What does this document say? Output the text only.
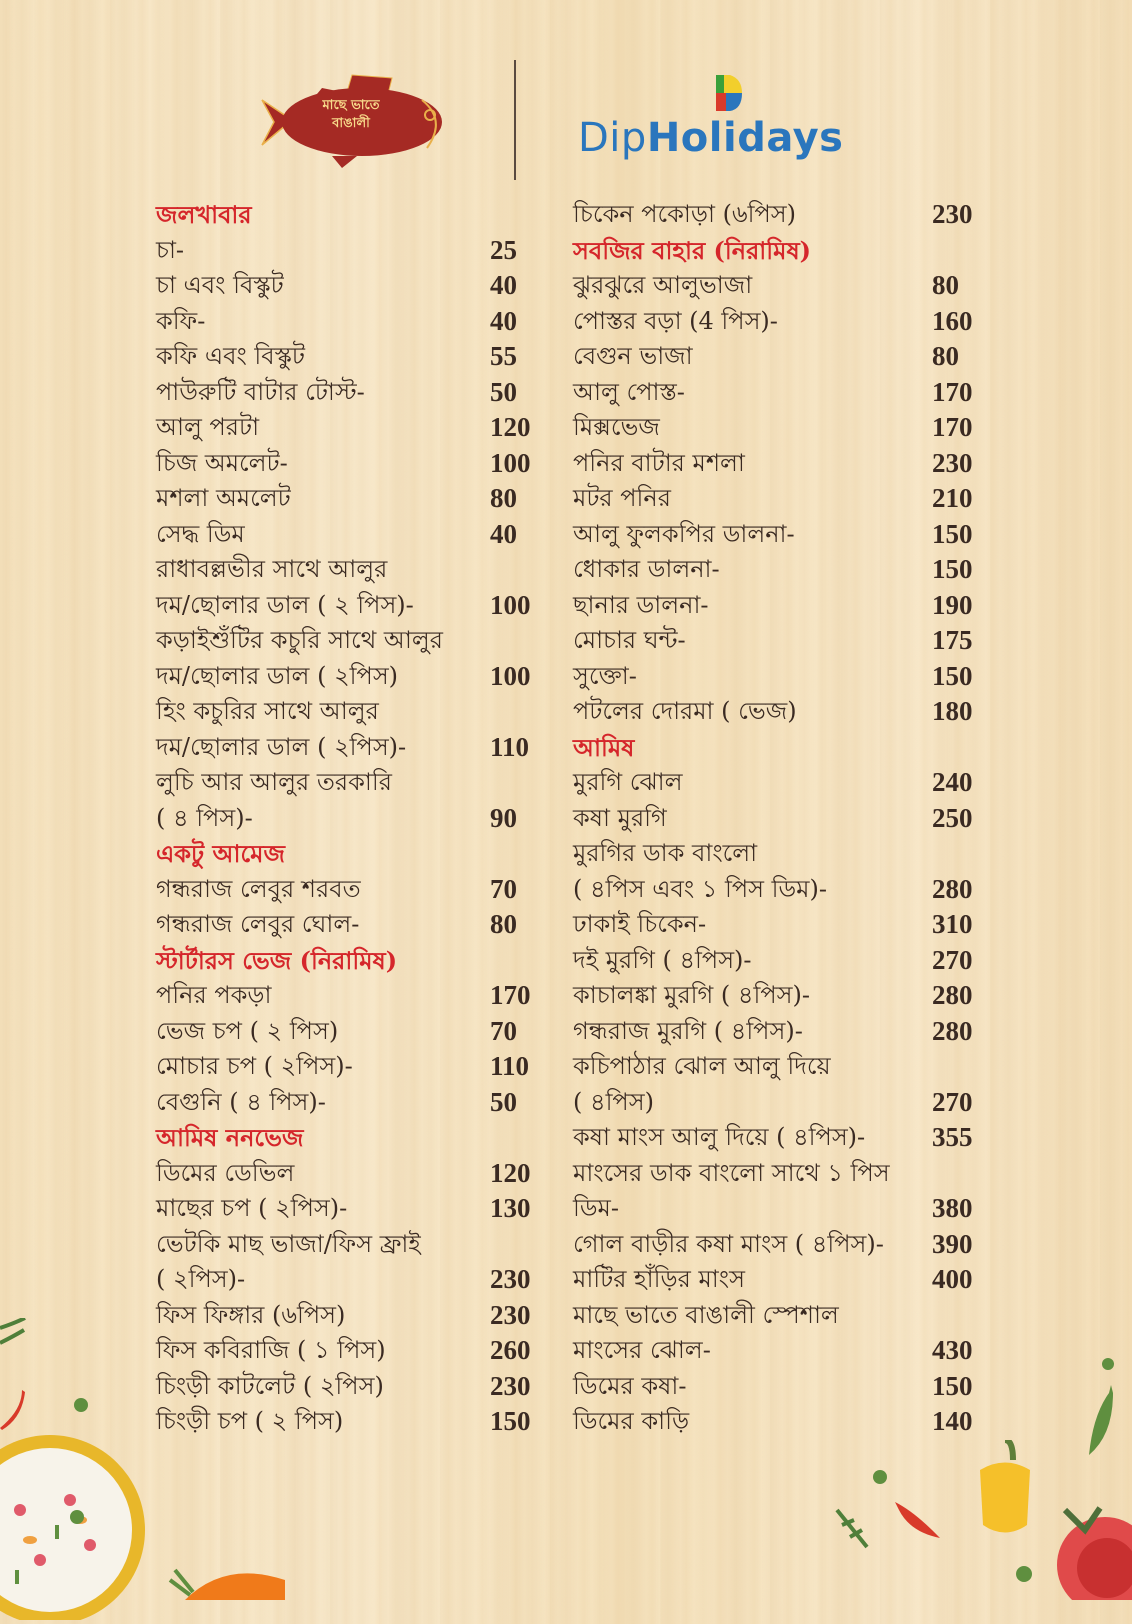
মাছে ভাতে
বাঙালী	DipHolidays
জলখাবার
চা-	25
চা এবং বিস্কুট	40
কফি-	40
কফি এবং বিস্কুট	55
পাউরুটি বাটার টোস্ট-	50
আলু পরটা	120
চিজ অমলেট-	100
মশলা অমলেট	80
সেদ্ধ ডিম	40
রাধাবল্লভীর সাথে আলুর
দম/ছোলার ডাল ( ২ পিস)-	100
কড়াইশুঁটির কচুরি সাথে আলুর
দম/ছোলার ডাল ( ২পিস)	100
হিং কচুরির সাথে আলুর
দম/ছোলার ডাল ( ২পিস)-	110
লুচি আর আলুর তরকারি
( ৪ পিস)-	90
একটু আমেজ
গন্ধরাজ লেবুর শরবত	70
গন্ধরাজ লেবুর ঘোল-	80
স্টার্টারস ভেজ (নিরামিষ)
পনির পকড়া	170
ভেজ চপ ( ২ পিস)	70
মোচার চপ ( ২পিস)-	110
বেগুনি ( ৪ পিস)-	50
আমিষ ননভেজ
ডিমের ডেভিল	120
মাছের চপ ( ২পিস)-	130
ভেটকি মাছ ভাজা/ফিস ফ্রাই
( ২পিস)-	230
ফিস ফিঙ্গার (৬পিস)	230
ফিস কবিরাজি ( ১ পিস)	260
চিংড়ী কাটলেট ( ২পিস)	230
চিংড়ী চপ ( ২ পিস)	150
চিকেন পকোড়া (৬পিস)	230
সবজির বাহার (নিরামিষ)
ঝুরঝুরে আলুভাজা	80
পোস্তর বড়া (4 পিস)-	160
বেগুন ভাজা	80
আলু পোস্ত-	170
মিক্সভেজ	170
পনির বাটার মশলা	230
মটর পনির	210
আলু ফুলকপির ডালনা-	150
ধোকার ডালনা-	150
ছানার ডালনা-	190
মোচার ঘন্ট-	175
সুক্তো-	150
পটলের দোরমা ( ভেজ)	180
আমিষ
মুরগি ঝোল	240
কষা মুরগি	250
মুরগির ডাক বাংলো
( ৪পিস এবং ১ পিস ডিম)-	280
ঢাকাই চিকেন-	310
দই মুরগি ( ৪পিস)-	270
কাচালঙ্কা মুরগি ( ৪পিস)-	280
গন্ধরাজ মুরগি ( ৪পিস)-	280
কচিপাঠার ঝোল আলু দিয়ে
( ৪পিস)	270
কষা মাংস আলু দিয়ে ( ৪পিস)- 355
মাংসের ডাক বাংলো সাথে ১ পিস
ডিম-	380
গোল বাড়ীর কষা মাংস ( ৪পিস)- 390
মাটির হাঁড়ির মাংস	400
মাছে ভাতে বাঙালী স্পেশাল
মাংসের ঝোল-	430
ডিমের কষা-	150
ডিমের কাড়ি	140
